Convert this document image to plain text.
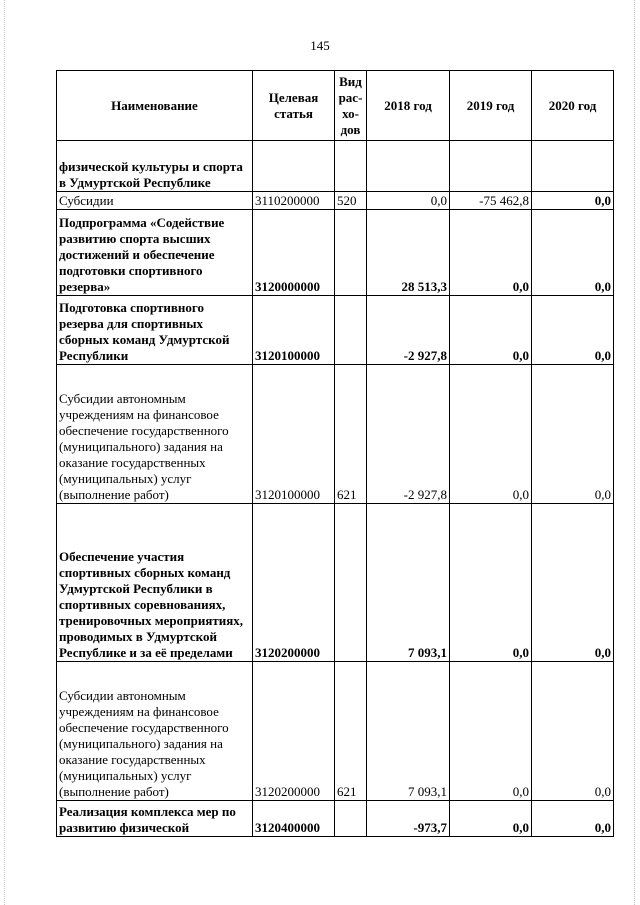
145
Наименование	Целевая статья	Вид рас-хо-дов	2018 год	2019 год	2020 год
физической культуры и спорта в Удмуртской Республике					
Субсидии	3110200000	520	0,0	-75 462,8	0,0
Подпрограмма «Содействие развитию спорта высших достижений и обеспечение подготовки спортивного резерва»	3120000000		28 513,3	0,0	0,0
Подготовка спортивного резерва для спортивных сборных команд Удмуртской Республики	3120100000		-2 927,8	0,0	0,0
Субсидии автономным учреждениям на финансовое обеспечение государственного (муниципального) задания на оказание государственных (муниципальных) услуг (выполнение работ)	3120100000	621	-2 927,8	0,0	0,0
Обеспечение участия спортивных сборных команд Удмуртской Республики в спортивных соревнованиях, тренировочных мероприятиях, проводимых в Удмуртской Республике и за её пределами	3120200000		7 093,1	0,0	0,0
Субсидии автономным учреждениям на финансовое обеспечение государственного (муниципального) задания на оказание государственных (муниципальных) услуг (выполнение работ)	3120200000	621	7 093,1	0,0	0,0
Реализация комплекса мер по развитию физической	3120400000		-973,7	0,0	0,0
